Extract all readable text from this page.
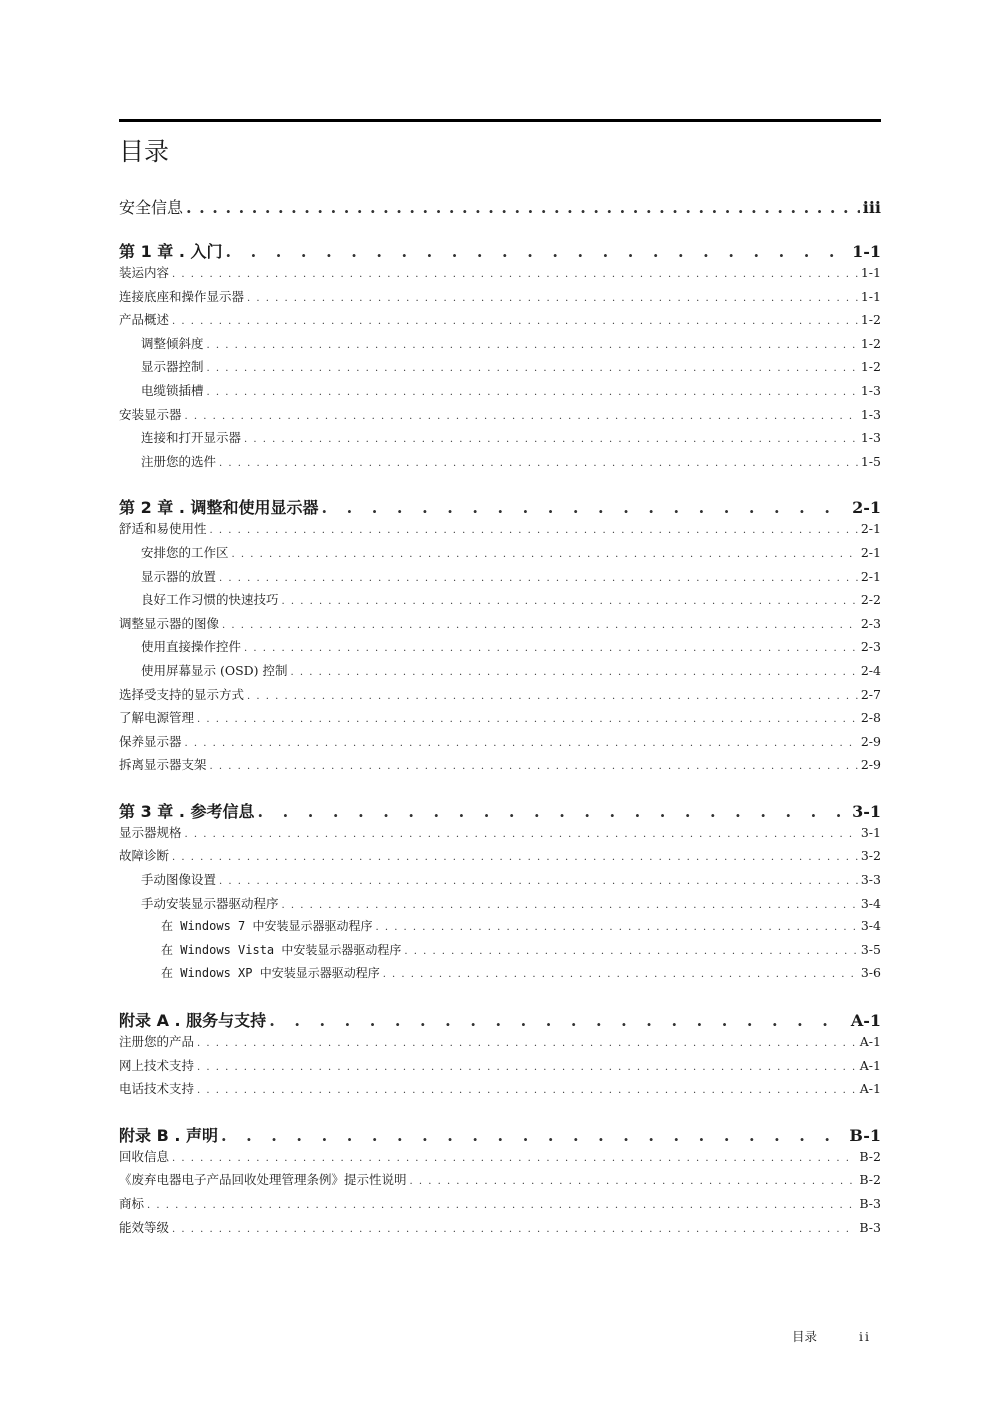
目录
安全信息 . . .	iii
第 1 章 . 入门 . . .	1-1
装运内容 . . .	1-1
连接底座和操作显示器 . . .	1-1
产品概述 . . .	1-2
调整倾斜度 . . .	1-2
显示器控制 . . .	1-2
电缆锁插槽 . . .	1-3
安装显示器 . . .	1-3
连接和打开显示器 . . .	1-3
注册您的选件 . . .	1-5
第 2 章 . 调整和使用显示器 . . .	2-1
舒适和易使用性 . . .	2-1
安排您的工作区 . . .	2-1
显示器的放置 . . .	2-1
良好工作习惯的快速技巧 . . .	2-2
调整显示器的图像 . . .	2-3
使用直接操作控件 . . .	2-3
使用屏幕显示 (OSD) 控制 . . .	2-4
选择受支持的显示方式 . . .	2-7
了解电源管理 . . .	2-8
保养显示器 . . .	2-9
拆离显示器支架 . . .	2-9
第 3 章 . 参考信息 . . .	3-1
显示器规格 . . .	3-1
故障诊断 . . .	3-2
手动图像设置 . . .	3-3
手动安装显示器驱动程序 . . .	3-4
在 Windows 7 中安装显示器驱动程序 . . .	3-4
在 Windows Vista 中安装显示器驱动程序 . . .	3-5
在 Windows XP 中安装显示器驱动程序 . . .	3-6
附录 A . 服务与支持 . . .	A-1
注册您的产品 . . .	A-1
网上技术支持 . . .	A-1
电话技术支持 . . .	A-1
附录 B . 声明 . . .	B-1
回收信息 . . .	B-2
《废弃电器电子产品回收处理管理条例》提示性说明 . . .	B-2
商标 . . .	B-3
能效等级 . . .	B-3
目录	ii
